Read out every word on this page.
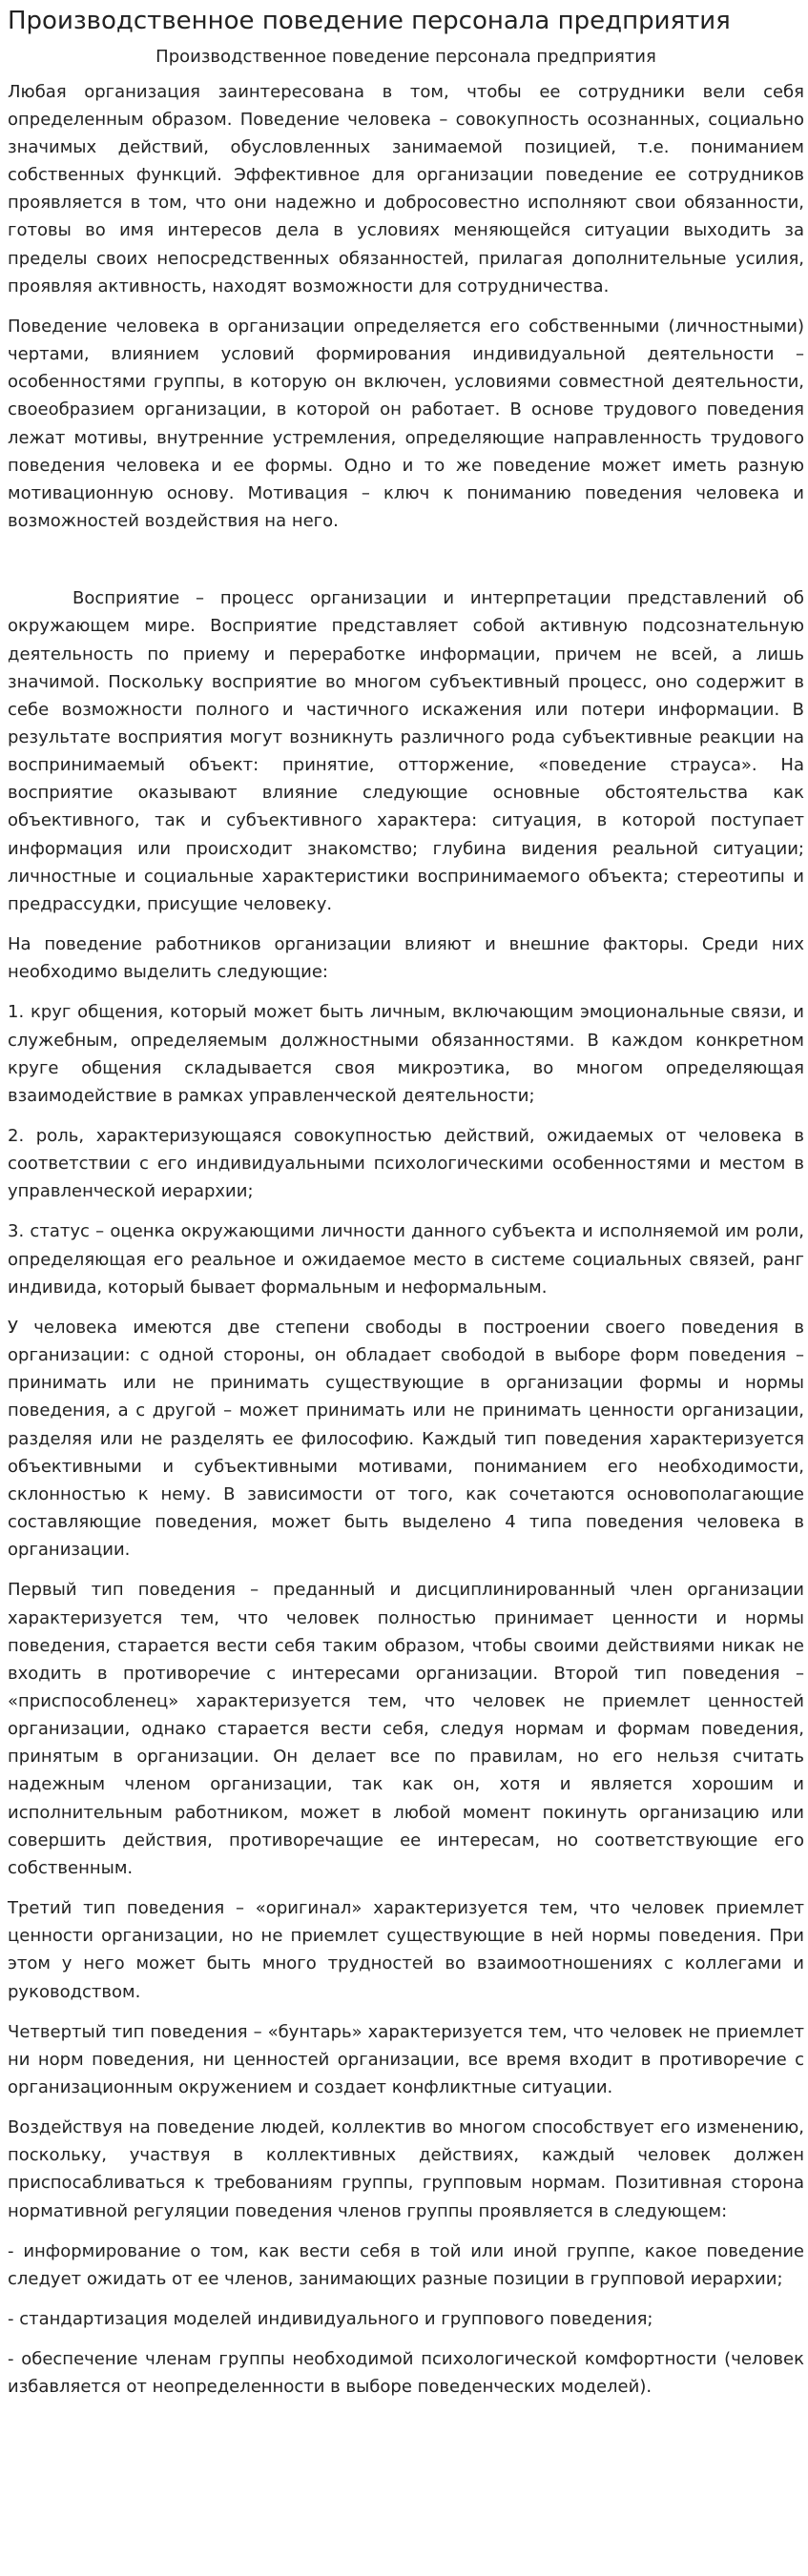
Производственное поведение персонала предприятия
Производственное поведение персонала предприятия

Любая организация заинтересована в том, чтобы ее сотрудники вели себя определенным образом. Поведение человека – совокупность осознанных, социально значимых действий, обусловленных занимаемой позицией, т.е. пониманием собственных функций. Эффективное для организации поведение ее сотрудников проявляется в том, что они надежно и добросовестно исполняют свои обязанности, готовы во имя интересов дела в условиях меняющейся ситуации выходить за пределы своих непосредственных обязанностей, прилагая дополнительные усилия, проявляя активность, находят возможности для сотрудничества.

Поведение человека в организации определяется его собственными (личностными) чертами, влиянием условий формирования индивидуальной деятельности – особенностями группы, в которую он включен, условиями совместной деятельности, своеобразием организации, в которой он работает. В основе трудового поведения лежат мотивы, внутренние устремления, определяющие направленность трудового поведения человека и ее формы. Одно и то же поведение может иметь разную мотивационную основу. Мотивация – ключ к пониманию поведения человека и возможностей воздействия на него.

Восприятие – процесс организации и интерпретации представлений об окружающем мире. Восприятие представляет собой активную подсознательную деятельность по приему и переработке информации, причем не всей, а лишь значимой. Поскольку восприятие во многом субъективный процесс, оно содержит в себе возможности полного и частичного искажения или потери информации. В результате восприятия могут возникнуть различного рода субъективные реакции на воспринимаемый объект: принятие, отторжение, «поведение страуса». На восприятие оказывают влияние следующие основные обстоятельства как объективного, так и субъективного характера: ситуация, в которой поступает информация или происходит знакомство; глубина видения реальной ситуации; личностные и социальные характеристики воспринимаемого объекта; стереотипы и предрассудки, присущие человеку.

На поведение работников организации влияют и внешние факторы. Среди них необходимо выделить следующие:

1. круг общения, который может быть личным, включающим эмоциональные связи, и служебным, определяемым должностными обязанностями. В каждом конкретном круге общения складывается своя микроэтика, во многом определяющая взаимодействие в рамках управленческой деятельности;

2. роль, характеризующаяся совокупностью действий, ожидаемых от человека в соответствии с его индивидуальными психологическими особенностями и местом в управленческой иерархии;

3. статус – оценка окружающими личности данного субъекта и исполняемой им роли, определяющая его реальное и ожидаемое место в системе социальных связей, ранг индивида, который бывает формальным и неформальным.

У человека имеются две степени свободы в построении своего поведения в организации: с одной стороны, он обладает свободой в выборе форм поведения – принимать или не принимать существующие в организации формы и нормы поведения, а с другой – может принимать или не принимать ценности организации, разделяя или не разделять ее философию. Каждый тип поведения характеризуется объективными и субъективными мотивами, пониманием его необходимости, склонностью к нему. В зависимости от того, как сочетаются основополагающие составляющие поведения, может быть выделено 4 типа поведения человека в организации.

Первый тип поведения – преданный и дисциплинированный член организации характеризуется тем, что человек полностью принимает ценности и нормы поведения, старается вести себя таким образом, чтобы своими действиями никак не входить в противоречие с интересами организации. Второй тип поведения – «приспособленец» характеризуется тем, что человек не приемлет ценностей организации, однако старается вести себя, следуя нормам и формам поведения, принятым в организации. Он делает все по правилам, но его нельзя считать надежным членом организации, так как он, хотя и является хорошим и исполнительным работником, может в любой момент покинуть организацию или совершить действия, противоречащие ее интересам, но соответствующие его собственным.

Третий тип поведения – «оригинал» характеризуется тем, что человек приемлет ценности организации, но не приемлет существующие в ней нормы поведения. При этом у него может быть много трудностей во взаимоотношениях с коллегами и руководством.

Четвертый тип поведения – «бунтарь» характеризуется тем, что человек не приемлет ни норм поведения, ни ценностей организации, все время входит в противоречие с организационным окружением и создает конфликтные ситуации.

Воздействуя на поведение людей, коллектив во многом способствует его изменению, поскольку, участвуя в коллективных действиях, каждый человек должен приспосабливаться к требованиям группы, групповым нормам. Позитивная сторона нормативной регуляции поведения членов группы проявляется в следующем:

- информирование о том, как вести себя в той или иной группе, какое поведение следует ожидать от ее членов, занимающих разные позиции в групповой иерархии;

- стандартизация моделей индивидуального и группового поведения;

- обеспечение членам группы необходимой психологической комфортности (человек избавляется от неопределенности в выборе поведенческих моделей).
